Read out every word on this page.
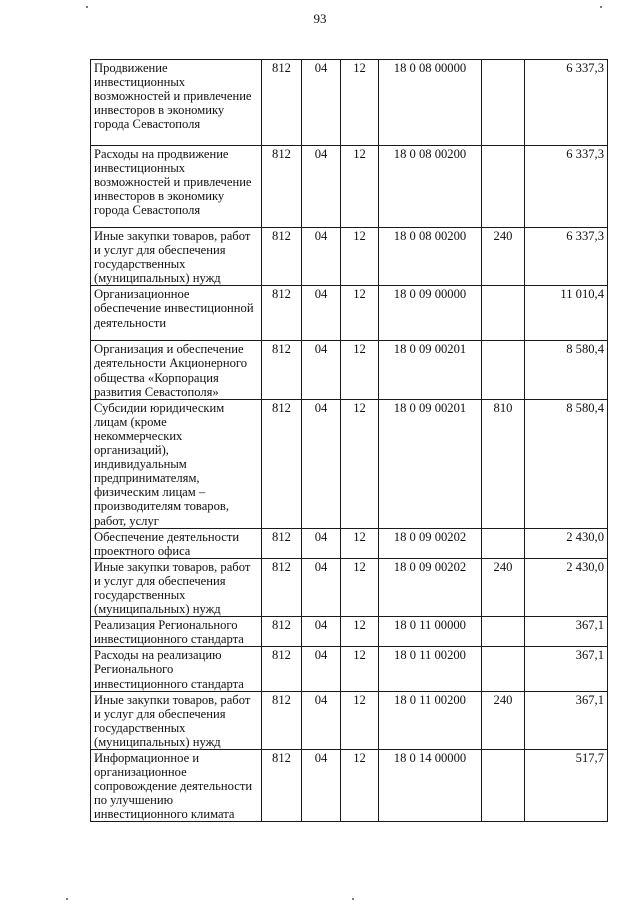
93
Продвижение инвестиционных возможностей и привлечение инвесторов в экономику города Севастополя	812	04	12	18 0 08 00000		6 337,3
Расходы на продвижение инвестиционных возможностей и привлечение инвесторов в экономику города Севастополя	812	04	12	18 0 08 00200		6 337,3
Иные закупки товаров, работ и услуг для обеспечения государственных (муниципальных) нужд	812	04	12	18 0 08 00200	240	6 337,3
Организационное обеспечение инвестиционной деятельности	812	04	12	18 0 09 00000		11 010,4
Организация и обеспечение деятельности Акционерного общества «Корпорация развития Севастополя»	812	04	12	18 0 09 00201		8 580,4
Субсидии юридическим лицам (кроме некоммерческих организаций), индивидуальным предпринимателям, физическим лицам – производителям товаров, работ, услуг	812	04	12	18 0 09 00201	810	8 580,4
Обеспечение деятельности проектного офиса	812	04	12	18 0 09 00202		2 430,0
Иные закупки товаров, работ и услуг для обеспечения государственных (муниципальных) нужд	812	04	12	18 0 09 00202	240	2 430,0
Реализация Регионального инвестиционного стандарта	812	04	12	18 0 11 00000		367,1
Расходы на реализацию Регионального инвестиционного стандарта	812	04	12	18 0 11 00200		367,1
Иные закупки товаров, работ и услуг для обеспечения государственных (муниципальных) нужд	812	04	12	18 0 11 00200	240	367,1
Информационное и организационное сопровождение деятельности по улучшению инвестиционного климата	812	04	12	18 0 14 00000		517,7
